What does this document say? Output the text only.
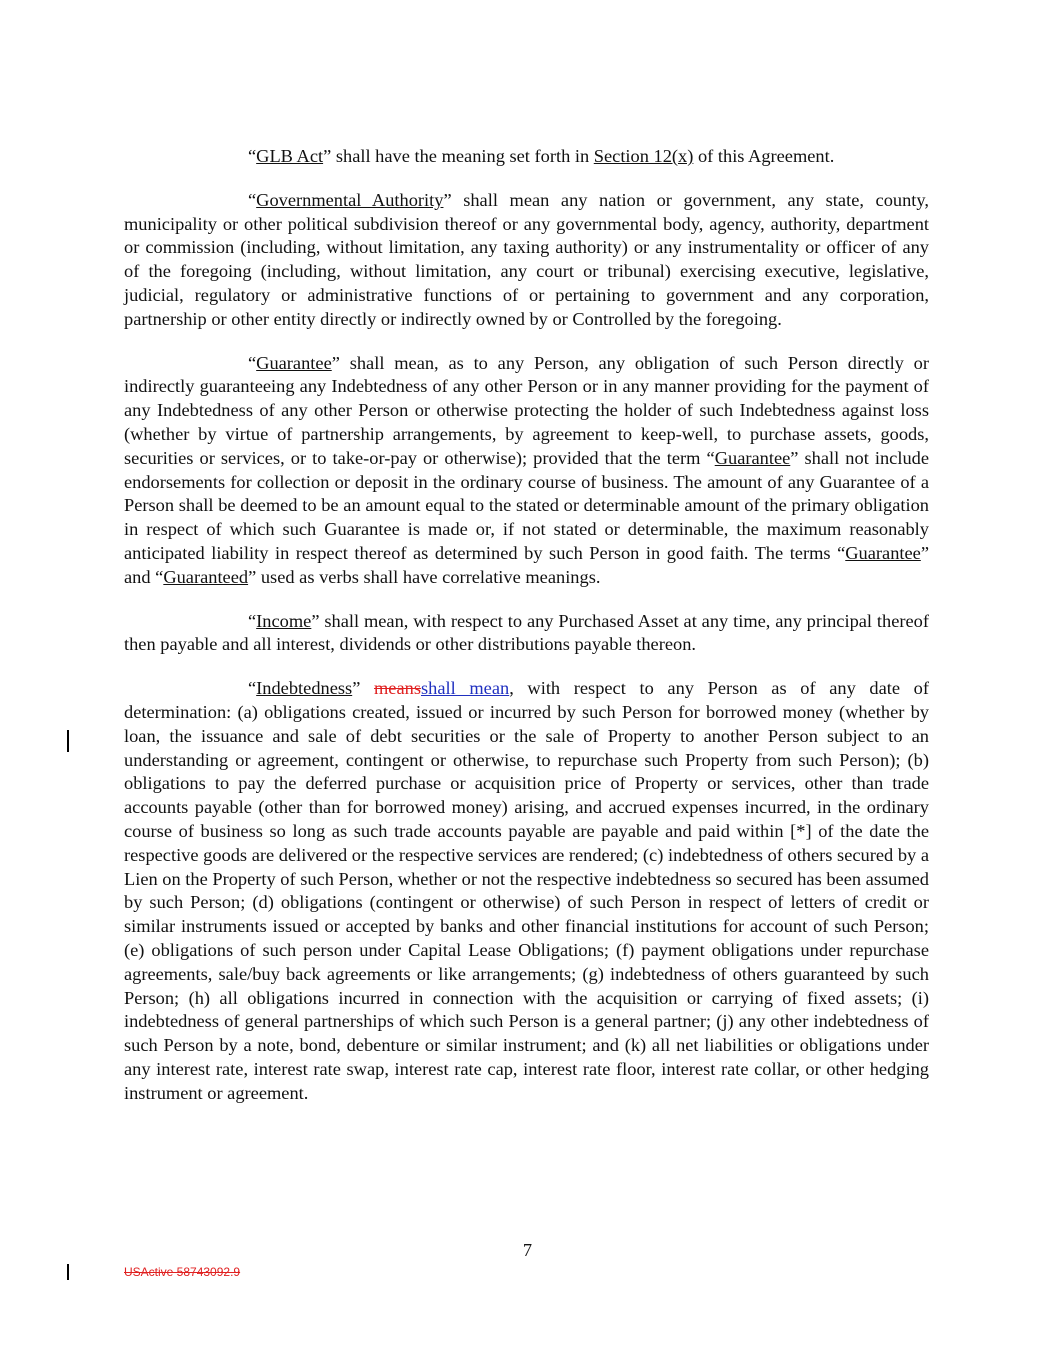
“GLB Act” shall have the meaning set forth in Section 12(x) of this Agreement.

“Governmental Authority” shall mean any nation or government, any state, county, municipality or other political subdivision thereof or any governmental body, agency, authority, department or commission (including, without limitation, any taxing authority) or any instrumentality or officer of any of the foregoing (including, without limitation, any court or tribunal) exercising executive, legislative, judicial, regulatory or administrative functions of or pertaining to government and any corporation, partnership or other entity directly or indirectly owned by or Controlled by the foregoing.

“Guarantee” shall mean, as to any Person, any obligation of such Person directly or indirectly guaranteeing any Indebtedness of any other Person or in any manner providing for the payment of any Indebtedness of any other Person or otherwise protecting the holder of such Indebtedness against loss (whether by virtue of partnership arrangements, by agreement to keep-well, to purchase assets, goods, securities or services, or to take-or-pay or otherwise); provided that the term “Guarantee” shall not include endorsements for collection or deposit in the ordinary course of business. The amount of any Guarantee of a Person shall be deemed to be an amount equal to the stated or determinable amount of the primary obligation in respect of which such Guarantee is made or, if not stated or determinable, the maximum reasonably anticipated liability in respect thereof as determined by such Person in good faith. The terms “Guarantee” and “Guaranteed” used as verbs shall have correlative meanings.

“Income” shall mean, with respect to any Purchased Asset at any time, any principal thereof then payable and all interest, dividends or other distributions payable thereon.

“Indebtedness” meansshall mean, with respect to any Person as of any date of determination: (a) obligations created, issued or incurred by such Person for borrowed money (whether by loan, the issuance and sale of debt securities or the sale of Property to another Person subject to an understanding or agreement, contingent or otherwise, to repurchase such Property from such Person); (b) obligations to pay the deferred purchase or acquisition price of Property or services, other than trade accounts payable (other than for borrowed money) arising, and accrued expenses incurred, in the ordinary course of business so long as such trade accounts payable are payable and paid within [*] of the date the respective goods are delivered or the respective services are rendered; (c) indebtedness of others secured by a Lien on the Property of such Person, whether or not the respective indebtedness so secured has been assumed by such Person; (d) obligations (contingent or otherwise) of such Person in respect of letters of credit or similar instruments issued or accepted by banks and other financial institutions for account of such Person; (e) obligations of such person under Capital Lease Obligations; (f) payment obligations under repurchase agreements, sale/buy back agreements or like arrangements; (g) indebtedness of others guaranteed by such Person; (h) all obligations incurred in connection with the acquisition or carrying of fixed assets; (i) indebtedness of general partnerships of which such Person is a general partner; (j) any other indebtedness of such Person by a note, bond, debenture or similar instrument; and (k) all net liabilities or obligations under any interest rate, interest rate swap, interest rate cap, interest rate floor, interest rate collar, or other hedging instrument or agreement.

7
USActive 58743092.9
